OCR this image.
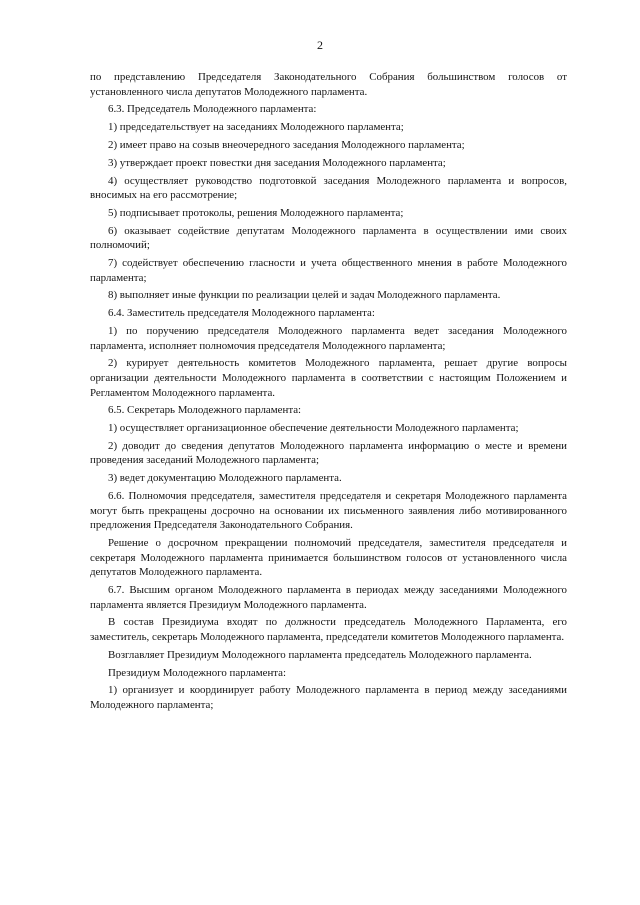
2

по представлению Председателя Законодательного Собрания большинством голосов от установленного числа депутатов Молодежного парламента.

6.3. Председатель Молодежного парламента:

1) председательствует на заседаниях Молодежного парламента;

2) имеет право на созыв внеочередного заседания Молодежного парламента;

3) утверждает проект повестки дня заседания Молодежного парламента;

4) осуществляет руководство подготовкой заседания Молодежного парламента и вопросов, вносимых на его рассмотрение;

5) подписывает протоколы, решения Молодежного парламента;

6) оказывает содействие депутатам Молодежного парламента в осуществлении ими своих полномочий;

7) содействует обеспечению гласности и учета общественного мнения в работе Молодежного парламента;

8) выполняет иные функции по реализации целей и задач Молодежного парламента.

6.4. Заместитель председателя Молодежного парламента:

1) по поручению председателя Молодежного парламента ведет заседания Молодежного парламента, исполняет полномочия председателя Молодежного парламента;

2) курирует деятельность комитетов Молодежного парламента, решает другие вопросы организации деятельности Молодежного парламента в соответствии с настоящим Положением и Регламентом Молодежного парламента.

6.5. Секретарь Молодежного парламента:

1) осуществляет организационное обеспечение деятельности Молодежного парламента;

2) доводит до сведения депутатов Молодежного парламента информацию о месте и времени проведения заседаний Молодежного парламента;

3) ведет документацию Молодежного парламента.

6.6. Полномочия председателя, заместителя председателя и секретаря Молодежного парламента могут быть прекращены досрочно на основании их письменного заявления либо мотивированного предложения Председателя Законодательного Собрания.

Решение о досрочном прекращении полномочий председателя, заместителя председателя и секретаря Молодежного парламента принимается большинством голосов от установленного числа депутатов Молодежного парламента.

6.7. Высшим органом Молодежного парламента в периодах между заседаниями Молодежного парламента является Президиум Молодежного парламента.

В состав Президиума входят по должности председатель Молодежного Парламента, его заместитель, секретарь Молодежного парламента, председатели комитетов Молодежного парламента.

Возглавляет Президиум Молодежного парламента председатель Молодежного парламента.

Президиум Молодежного парламента:

1) организует и координирует работу Молодежного парламента в период между заседаниями Молодежного парламента;
